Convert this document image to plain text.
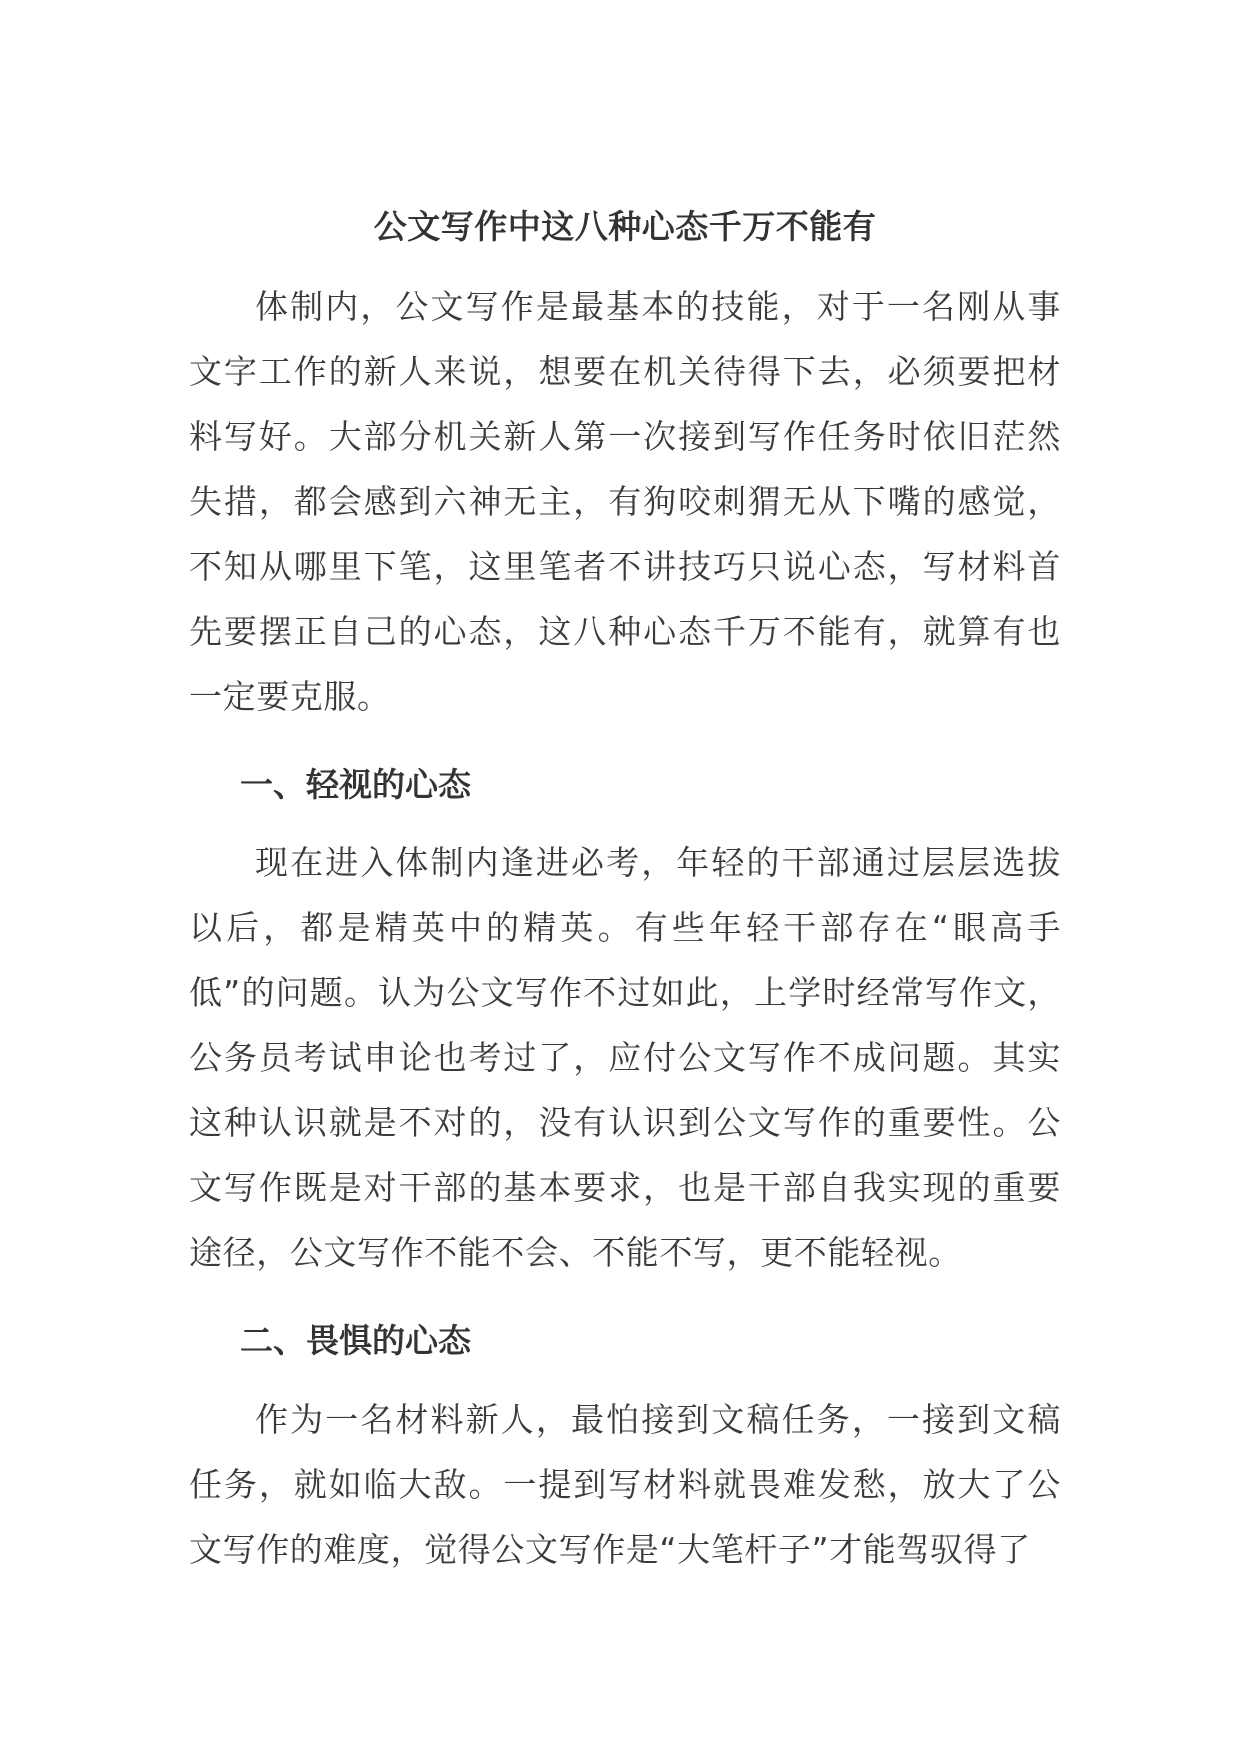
公文写作中这八种心态千万不能有

体制内，公文写作是最基本的技能，对于一名刚从事文字工作的新人来说，想要在机关待得下去，必须要把材料写好。大部分机关新人第一次接到写作任务时依旧茫然失措，都会感到六神无主，有狗咬刺猬无从下嘴的感觉，不知从哪里下笔，这里笔者不讲技巧只说心态，写材料首先要摆正自己的心态，这八种心态千万不能有，就算有也一定要克服。

一、轻视的心态

现在进入体制内逢进必考，年轻的干部通过层层选拔以后，都是精英中的精英。有些年轻干部存在“眼高手低”的问题。认为公文写作不过如此，上学时经常写作文，公务员考试申论也考过了，应付公文写作不成问题。其实这种认识就是不对的，没有认识到公文写作的重要性。公文写作既是对干部的基本要求，也是干部自我实现的重要途径，公文写作不能不会、不能不写，更不能轻视。

二、畏惧的心态

作为一名材料新人，最怕接到文稿任务，一接到文稿任务，就如临大敌。一提到写材料就畏难发愁，放大了公文写作的难度，觉得公文写作是“大笔杆子”才能驾驭得了
